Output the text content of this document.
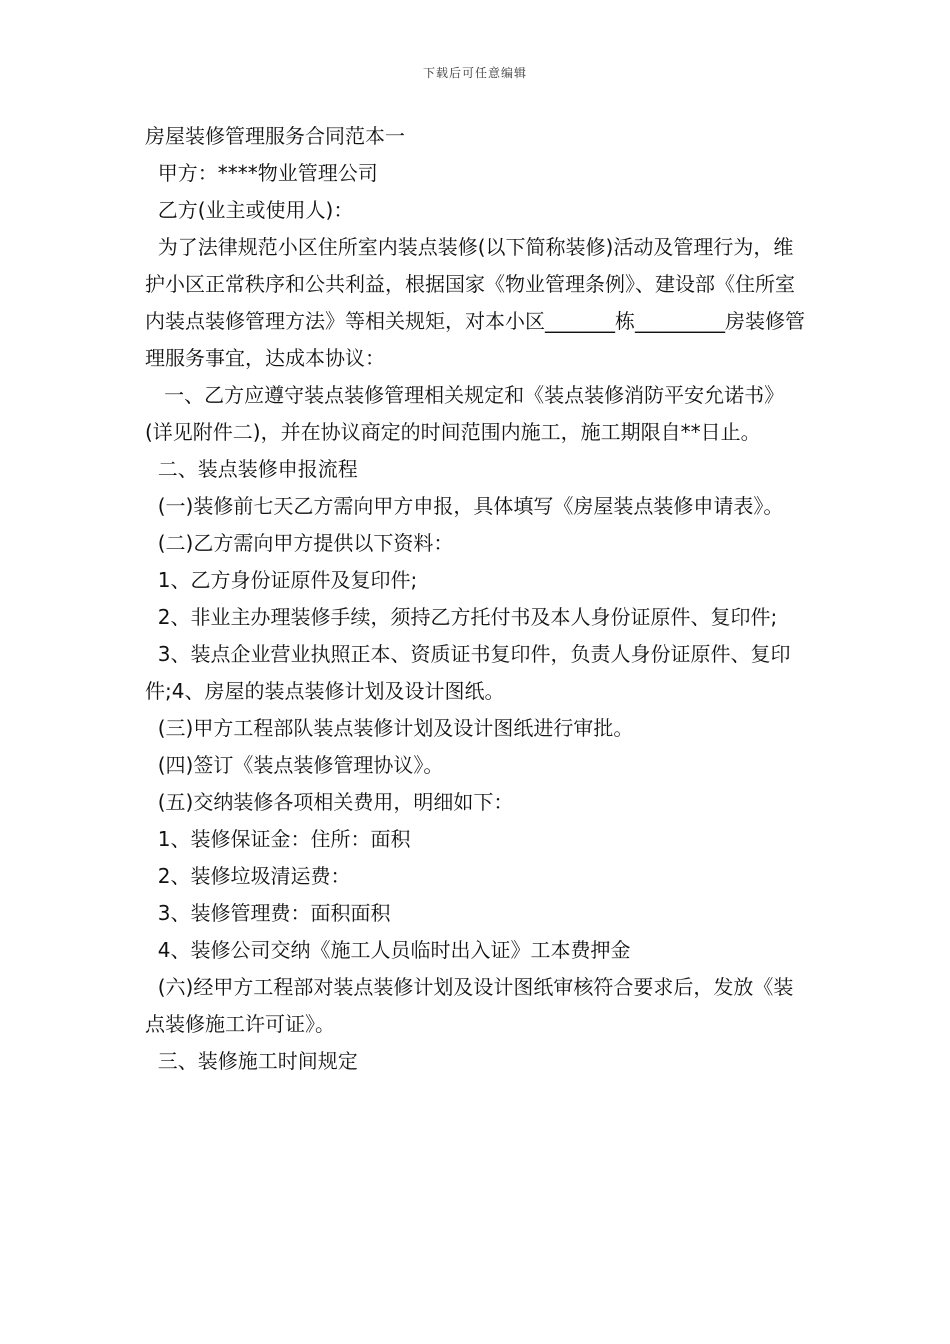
下载后可任意编辑

房屋装修管理服务合同范本一

甲方：****物业管理公司

乙方(业主或使用人)：

为了法律规范小区住所室内装点装修(以下简称装修)活动及管理行为，维护小区正常秩序和公共利益，根据国家《物业管理条例》、建设部《住所室内装点装修管理方法》等相关规矩，对本小区_______栋_________房装修管理服务事宜，达成本协议：

一、乙方应遵守装点装修管理相关规定和《装点装修消防平安允诺书》(详见附件二)，并在协议商定的时间范围内施工，施工期限自**日止。

二、装点装修申报流程

(一)装修前七天乙方需向甲方申报，具体填写《房屋装点装修申请表》。

(二)乙方需向甲方提供以下资料：

1、乙方身份证原件及复印件;

2、非业主办理装修手续，须持乙方托付书及本人身份证原件、复印件;

3、装点企业营业执照正本、资质证书复印件，负责人身份证原件、复印件;4、房屋的装点装修计划及设计图纸。

(三)甲方工程部队装点装修计划及设计图纸进行审批。

(四)签订《装点装修管理协议》。

(五)交纳装修各项相关费用，明细如下：

1、装修保证金：住所：面积

2、装修垃圾清运费：

3、装修管理费：面积面积

4、装修公司交纳《施工人员临时出入证》工本费押金

(六)经甲方工程部对装点装修计划及设计图纸审核符合要求后，发放《装点装修施工许可证》。

三、装修施工时间规定
